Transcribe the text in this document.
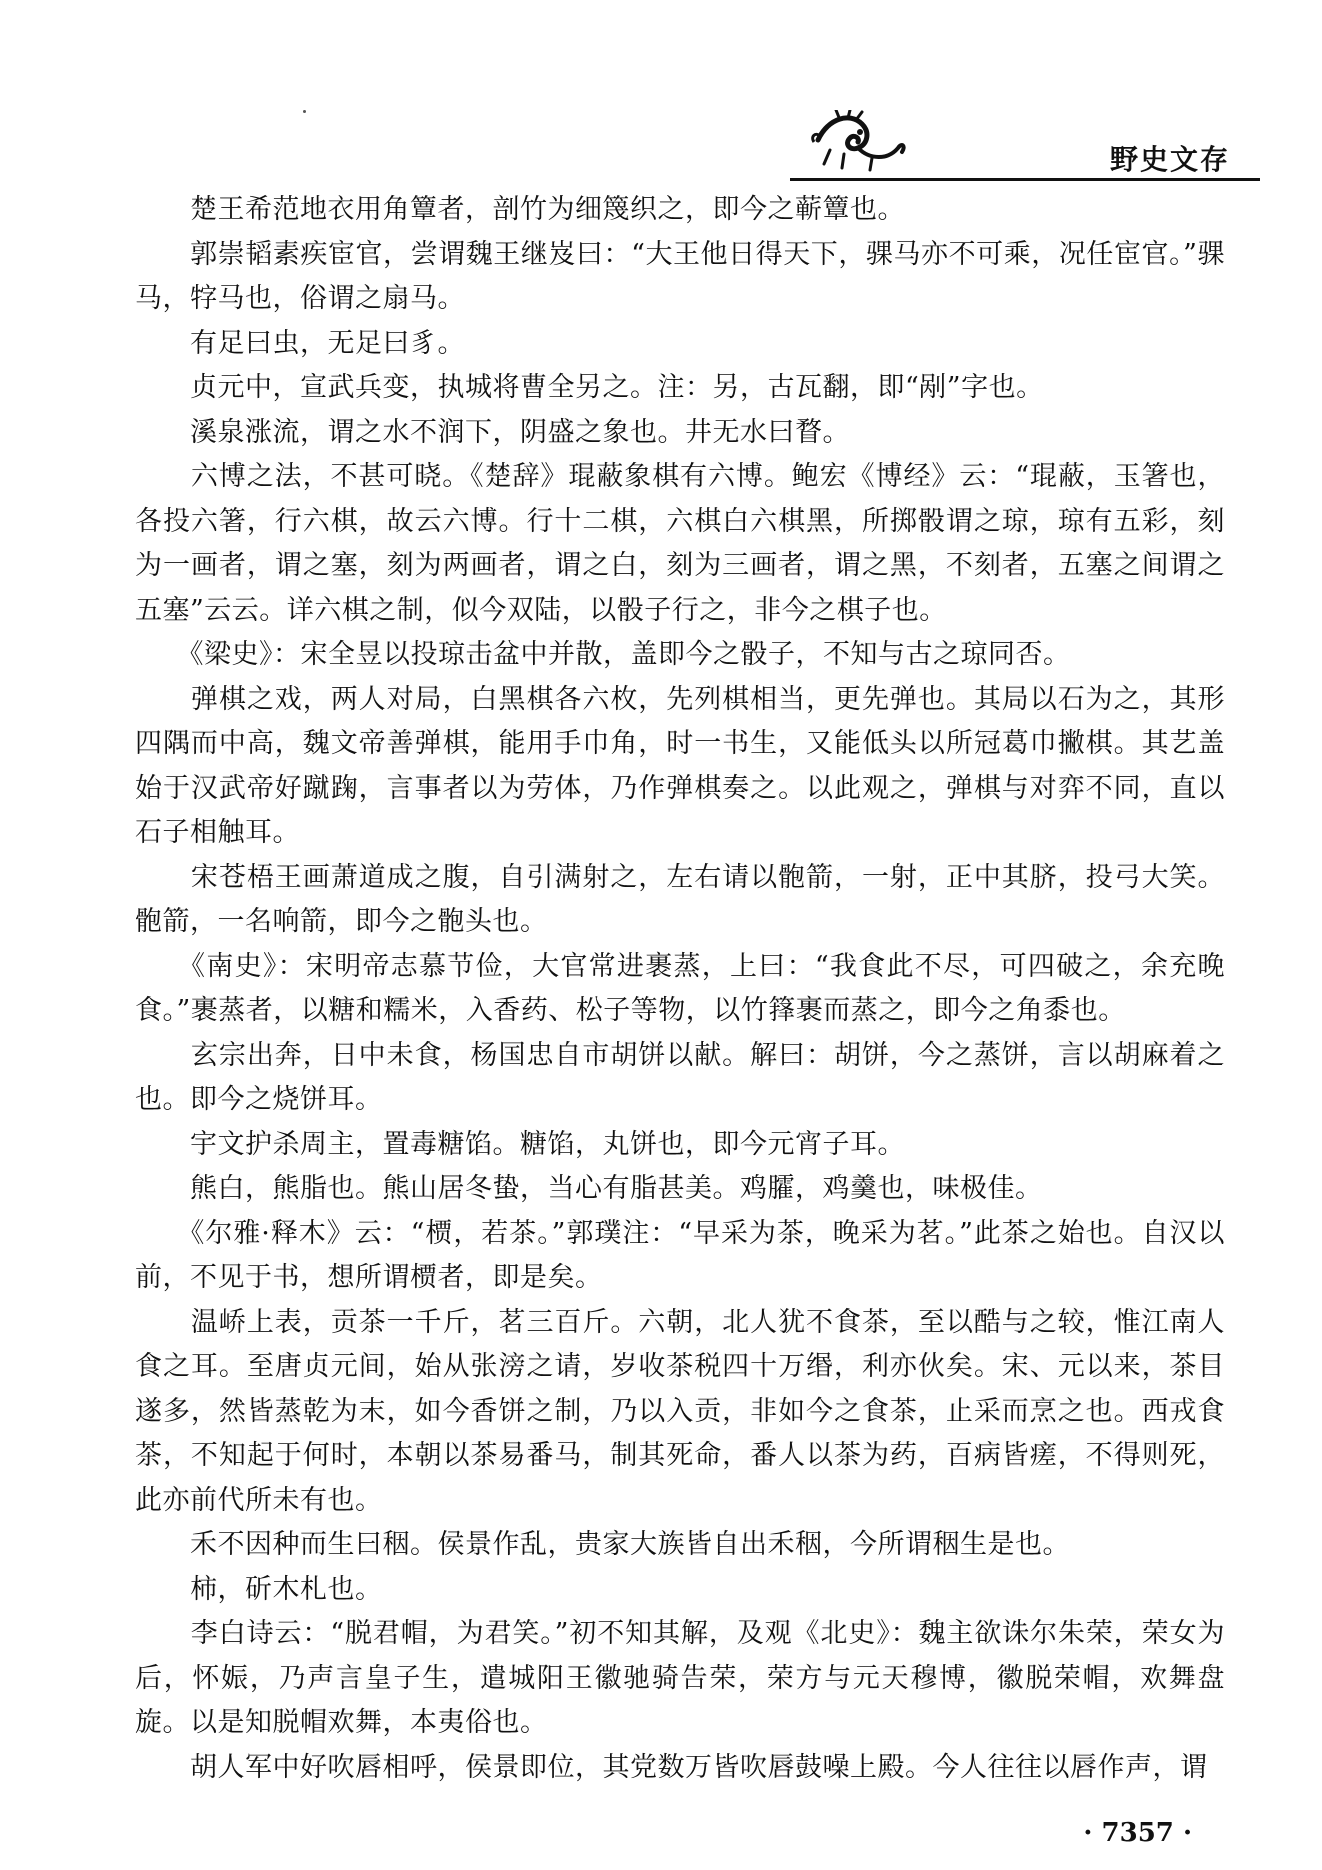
野史文存

　　楚王希范地衣用角簟者，剖竹为细篾织之，即今之蕲簟也。

　　郭崇韬素疾宦官，尝谓魏王继岌曰：“大王他日得天下，骒马亦不可乘，况任宦官。”骒马，牸马也，俗谓之扇马。

　　有足曰虫，无足曰豸。

　　贞元中，宣武兵变，执城将曹全另之。注：另，古瓦翻，即“剐”字也。

　　溪泉涨流，谓之水不润下，阴盛之象也。井无水曰瞀。

　　六博之法，不甚可晓。《楚辞》琨蔽象棋有六博。鲍宏《博经》云：“琨蔽，玉箸也，各投六箸，行六棋，故云六博。行十二棋，六棋白六棋黑，所掷骰谓之琼，琼有五彩，刻为一画者，谓之塞，刻为两画者，谓之白，刻为三画者，谓之黑，不刻者，五塞之间谓之五塞”云云。详六棋之制，似今双陆，以骰子行之，非今之棋子也。

　　《梁史》：宋全昱以投琼击盆中并散，盖即今之骰子，不知与古之琼同否。

　　弹棋之戏，两人对局，白黑棋各六枚，先列棋相当，更先弹也。其局以石为之，其形四隅而中高，魏文帝善弹棋，能用手巾角，时一书生，又能低头以所冠葛巾撇棋。其艺盖始于汉武帝好蹴踘，言事者以为劳体，乃作弹棋奏之。以此观之，弹棋与对弈不同，直以石子相触耳。

　　宋苍梧王画萧道成之腹，自引满射之，左右请以骲箭，一射，正中其脐，投弓大笑。骲箭，一名响箭，即今之骲头也。

　　《南史》：宋明帝志慕节俭，大官常进裹蒸，上曰：“我食此不尽，可四破之，余充晚食。”裹蒸者，以糖和糯米，入香药、松子等物，以竹箨裹而蒸之，即今之角黍也。

　　玄宗出奔，日中未食，杨国忠自市胡饼以献。解曰：胡饼，今之蒸饼，言以胡麻着之也。即今之烧饼耳。

　　宇文护杀周主，置毒糖馅。糖馅，丸饼也，即今元宵子耳。

　　熊白，熊脂也。熊山居冬蛰，当心有脂甚美。鸡臛，鸡羹也，味极佳。

　　《尔雅·释木》云：“槚，若茶。”郭璞注：“早采为茶，晚采为茗。”此茶之始也。自汉以前，不见于书，想所谓槚者，即是矣。

　　温峤上表，贡茶一千斤，茗三百斤。六朝，北人犹不食茶，至以酷与之较，惟江南人食之耳。至唐贞元间，始从张滂之请，岁收茶税四十万缗，利亦伙矣。宋、元以来，茶目遂多，然皆蒸乾为末，如今香饼之制，乃以入贡，非如今之食茶，止采而烹之也。西戎食茶，不知起于何时，本朝以茶易番马，制其死命，番人以茶为药，百病皆瘥，不得则死，此亦前代所未有也。

　　禾不因种而生曰秵。侯景作乱，贵家大族皆自出禾秵，今所谓秵生是也。

　　柿，斫木札也。

　　李白诗云：“脱君帽，为君笑。”初不知其解，及观《北史》：魏主欲诛尔朱荣，荣女为后，怀娠，乃声言皇子生，遣城阳王徽驰骑告荣，荣方与元天穆博，徽脱荣帽，欢舞盘旋。以是知脱帽欢舞，本夷俗也。

　　胡人军中好吹唇相呼，侯景即位，其党数万皆吹唇鼓噪上殿。今人往往以唇作声，谓

· 7357 ·
